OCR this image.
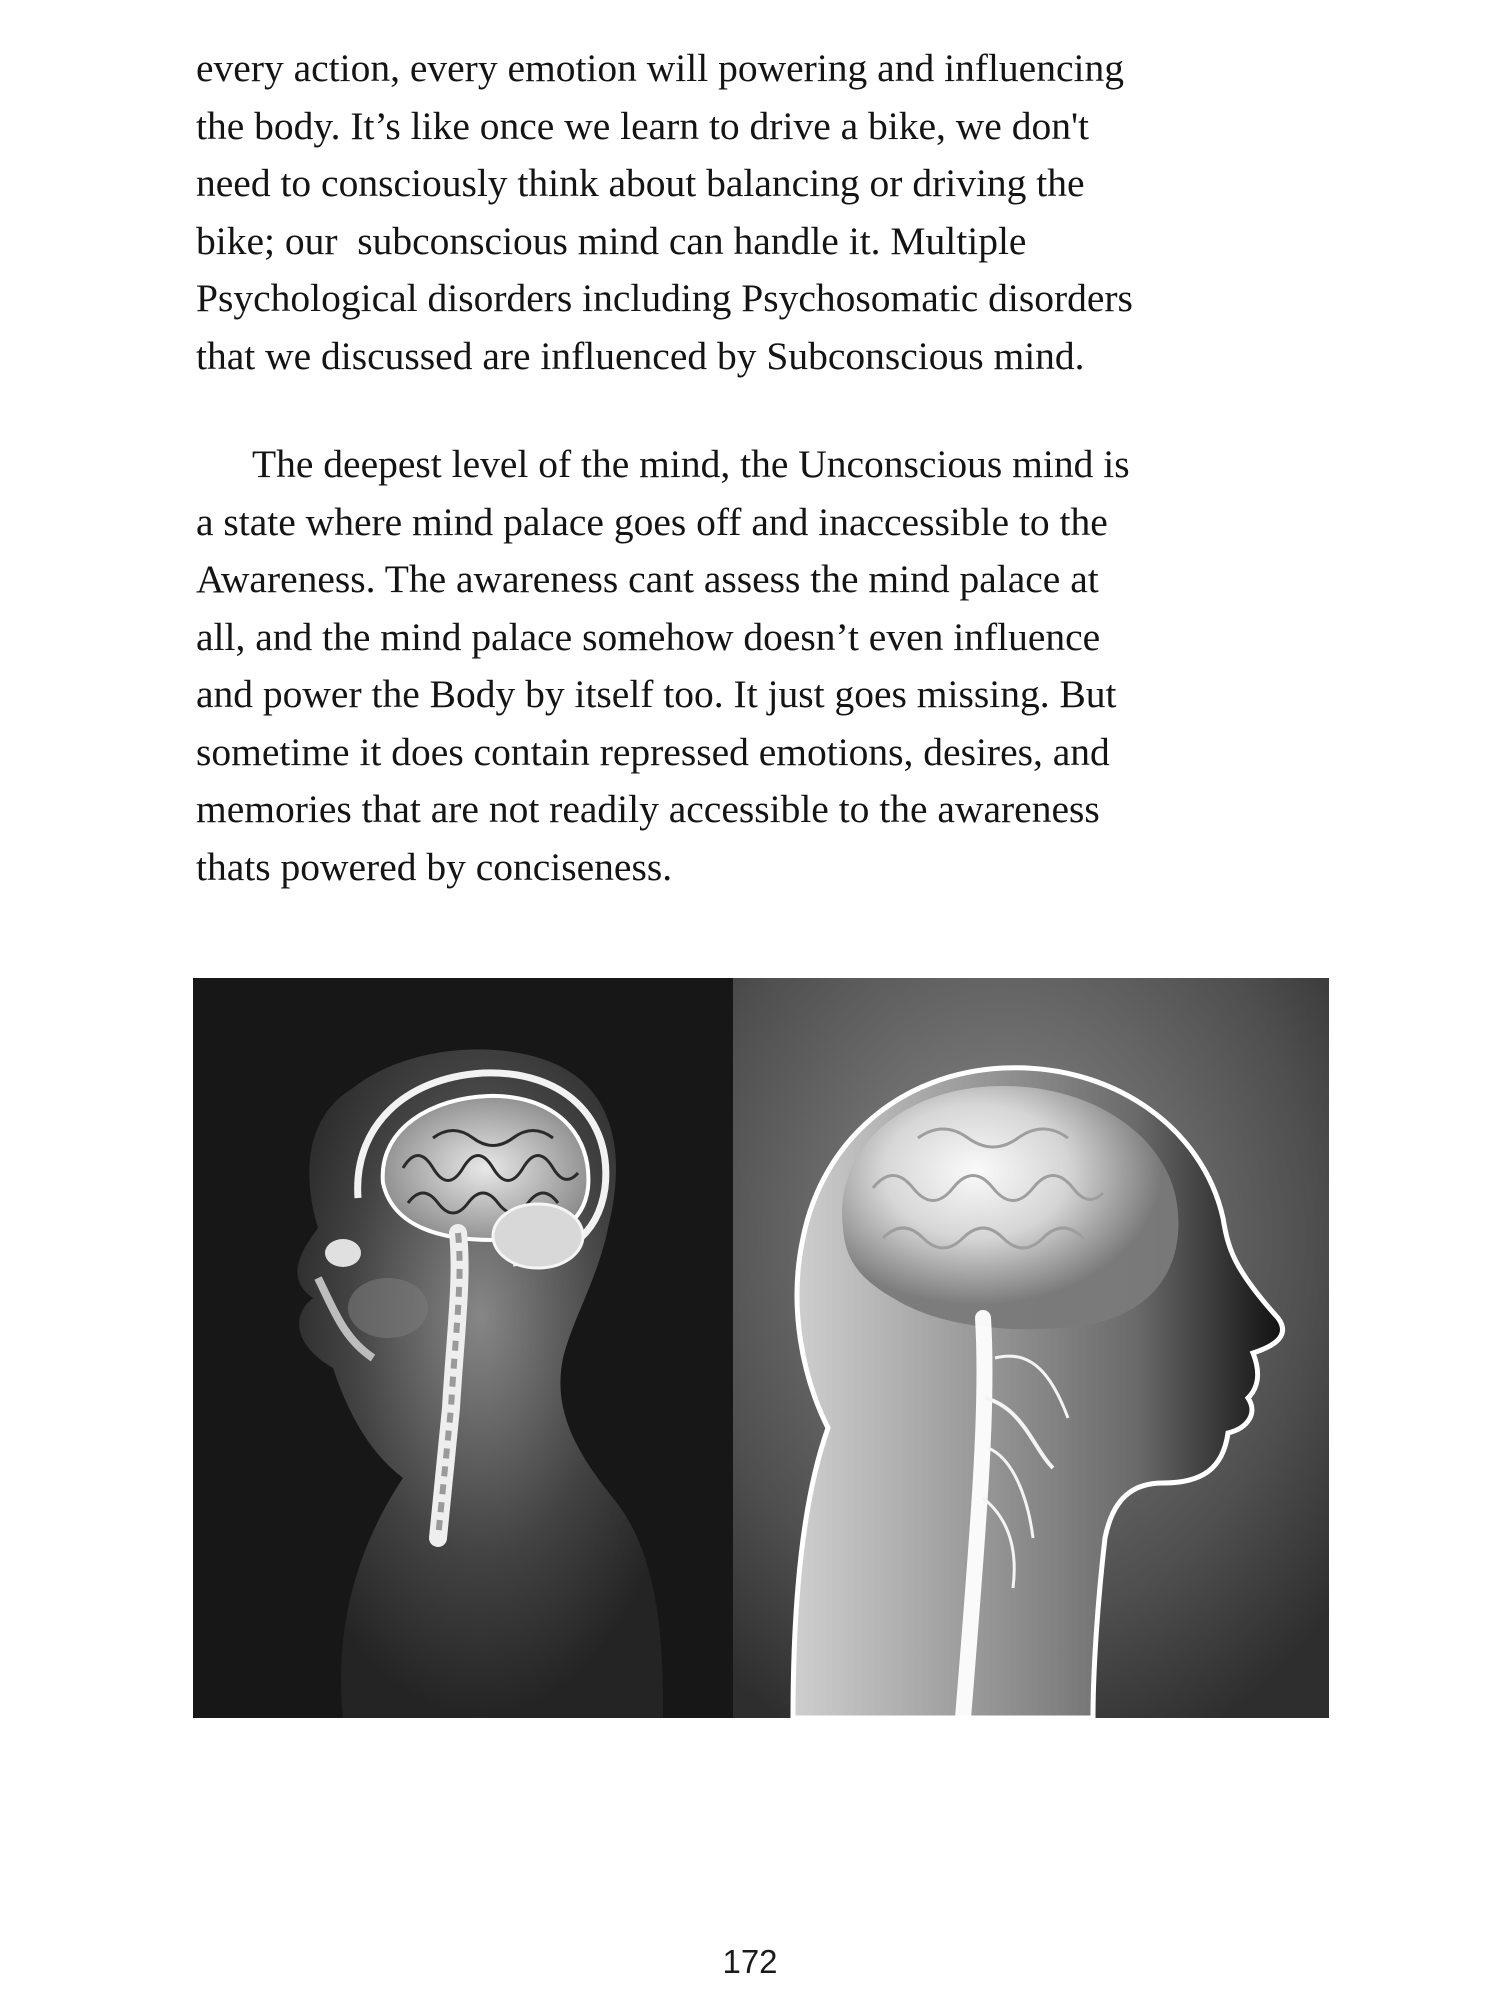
every action, every emotion will powering and influencing
the body. It’s like once we learn to drive a bike, we don't
need to consciously think about balancing or driving the
bike; our  subconscious mind can handle it. Multiple
Psychological disorders including Psychosomatic disorders
that we discussed are influenced by Subconscious mind.
The deepest level of the mind, the Unconscious mind is
a state where mind palace goes off and inaccessible to the
Awareness. The awareness cant assess the mind palace at
all, and the mind palace somehow doesn’t even influence
and power the Body by itself too. It just goes missing. But
sometime it does contain repressed emotions, desires, and
memories that are not readily accessible to the awareness
thats powered by conciseness.
172
